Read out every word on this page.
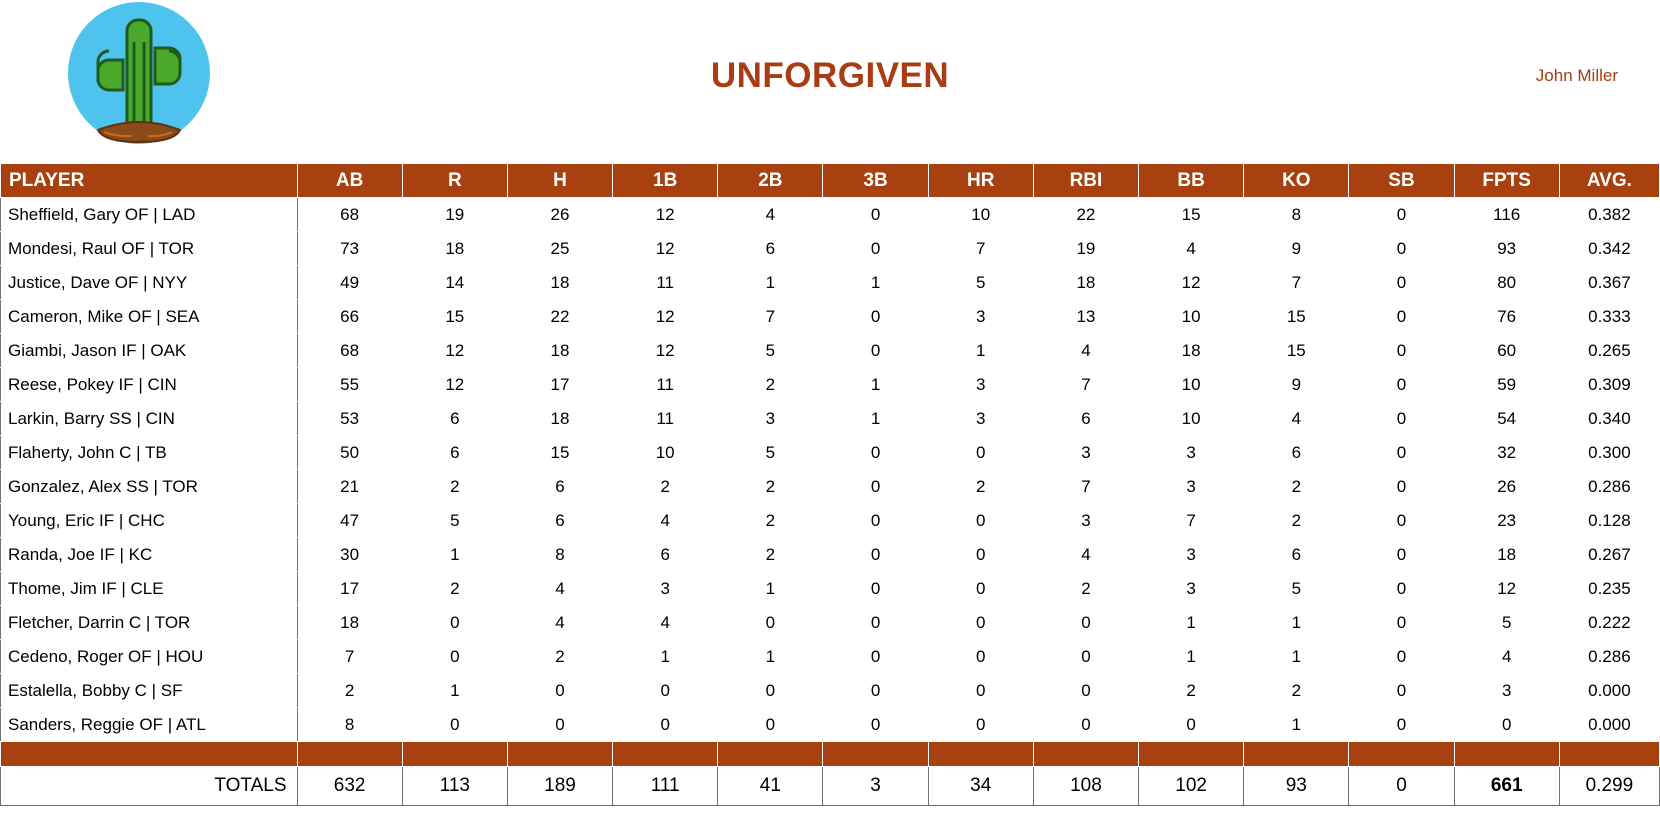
UNFORGIVEN	John Miller
PLAYER	AB	R	H	1B	2B	3B	HR	RBI	BB	KO	SB	FPTS	AVG.
Sheffield, Gary OF | LAD	68	19	26	12	4	0	10	22	15	8	0	116	0.382
Mondesi, Raul OF | TOR	73	18	25	12	6	0	7	19	4	9	0	93	0.342
Justice, Dave OF | NYY	49	14	18	11	1	1	5	18	12	7	0	80	0.367
Cameron, Mike OF | SEA	66	15	22	12	7	0	3	13	10	15	0	76	0.333
Giambi, Jason IF | OAK	68	12	18	12	5	0	1	4	18	15	0	60	0.265
Reese, Pokey IF | CIN	55	12	17	11	2	1	3	7	10	9	0	59	0.309
Larkin, Barry SS | CIN	53	6	18	11	3	1	3	6	10	4	0	54	0.340
Flaherty, John C | TB	50	6	15	10	5	0	0	3	3	6	0	32	0.300
Gonzalez, Alex SS | TOR	21	2	6	2	2	0	2	7	3	2	0	26	0.286
Young, Eric IF | CHC	47	5	6	4	2	0	0	3	7	2	0	23	0.128
Randa, Joe IF | KC	30	1	8	6	2	0	0	4	3	6	0	18	0.267
Thome, Jim IF | CLE	17	2	4	3	1	0	0	2	3	5	0	12	0.235
Fletcher, Darrin C | TOR	18	0	4	4	0	0	0	0	1	1	0	5	0.222
Cedeno, Roger OF | HOU	7	0	2	1	1	0	0	0	1	1	0	4	0.286
Estalella, Bobby C | SF	2	1	0	0	0	0	0	0	2	2	0	3	0.000
Sanders, Reggie OF | ATL	8	0	0	0	0	0	0	0	0	1	0	0	0.000

TOTALS	632	113	189	111	41	3	34	108	102	93	0	661	0.299
